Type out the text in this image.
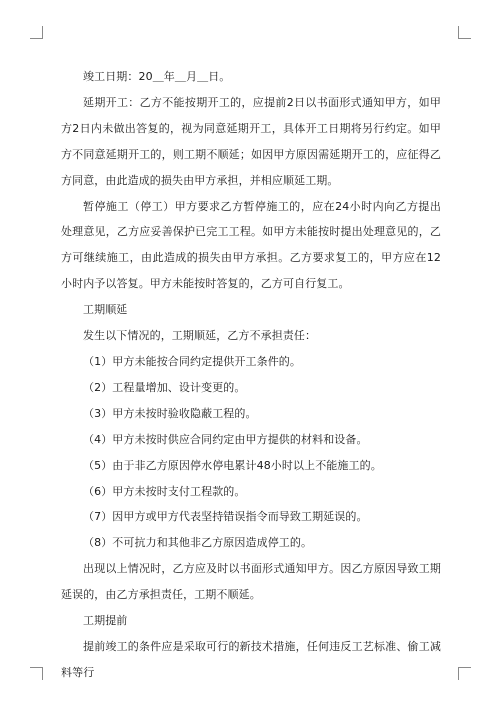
竣工日期：20＿年＿月＿日。

延期开工：乙方不能按期开工的，应提前2日以书面形式通知甲方，如甲方2日内未做出答复的，视为同意延期开工，具体开工日期将另行约定。如甲方不同意延期开工的，则工期不顺延；如因甲方原因需延期开工的，应征得乙方同意，由此造成的损失由甲方承担，并相应顺延工期。

暂停施工（停工）甲方要求乙方暂停施工的，应在24小时内向乙方提出处理意见，乙方应妥善保护已完工工程。如甲方未能按时提出处理意见的，乙方可继续施工，由此造成的损失由甲方承担。乙方要求复工的，甲方应在12小时内予以答复。甲方未能按时答复的，乙方可自行复工。

工期顺延

发生以下情况的，工期顺延，乙方不承担责任：

（1）甲方未能按合同约定提供开工条件的。

（2）工程量增加、设计变更的。

（3）甲方未按时验收隐蔽工程的。

（4）甲方未按时供应合同约定由甲方提供的材料和设备。

（5）由于非乙方原因停水停电累计48小时以上不能施工的。

（6）甲方未按时支付工程款的。

（7）因甲方或甲方代表坚持错误指令而导致工期延误的。

（8）不可抗力和其他非乙方原因造成停工的。

出现以上情况时，乙方应及时以书面形式通知甲方。因乙方原因导致工期延误的，由乙方承担责任，工期不顺延。

工期提前

提前竣工的条件应是采取可行的新技术措施，任何违反工艺标准、偷工减料等行
